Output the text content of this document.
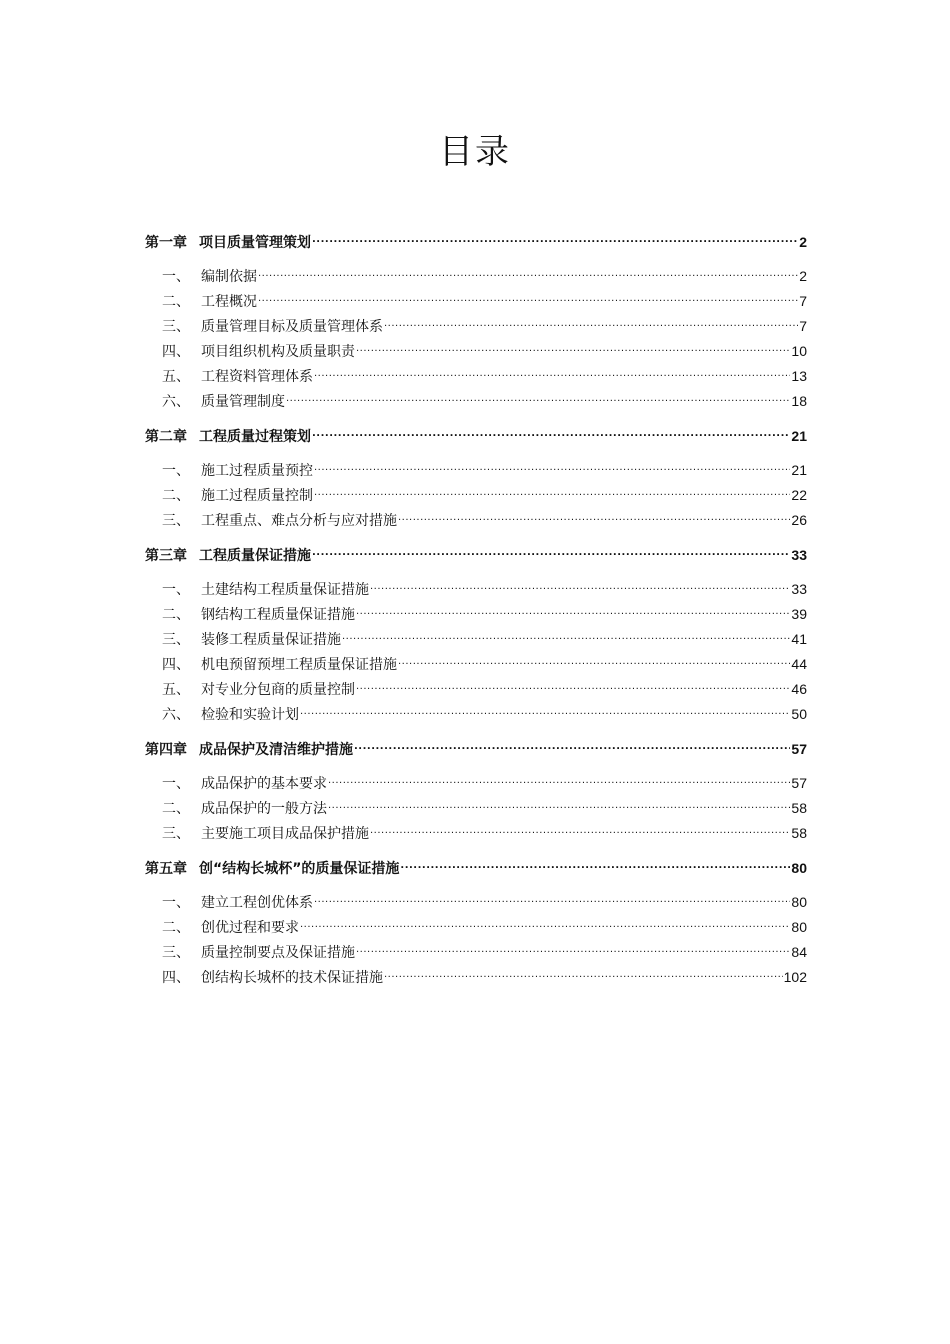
目录
第一章 项目质量管理策划 .....	2
一、 编制依据 .....	2
二、 工程概况 .....	7
三、 质量管理目标及质量管理体系 .....	7
四、 项目组织机构及质量职责 .....	10
五、 工程资料管理体系 .....	13
六、 质量管理制度 .....	18
第二章 工程质量过程策划 .....	21
一、 施工过程质量预控 .....	21
二、 施工过程质量控制 .....	22
三、 工程重点、难点分析与应对措施 .....	26
第三章 工程质量保证措施 .....	33
一、 土建结构工程质量保证措施 .....	33
二、 钢结构工程质量保证措施 .....	39
三、 装修工程质量保证措施 .....	41
四、 机电预留预埋工程质量保证措施 .....	44
五、 对专业分包商的质量控制 .....	46
六、 检验和实验计划 .....	50
第四章 成品保护及清洁维护措施 .....	57
一、 成品保护的基本要求 .....	57
二、 成品保护的一般方法 .....	58
三、 主要施工项目成品保护措施 .....	58
第五章 创“结构长城杯”的质量保证措施 .....	80
一、 建立工程创优体系 .....	80
二、 创优过程和要求 .....	80
三、 质量控制要点及保证措施 .....	84
四、 创结构长城杯的技术保证措施 .....	102
